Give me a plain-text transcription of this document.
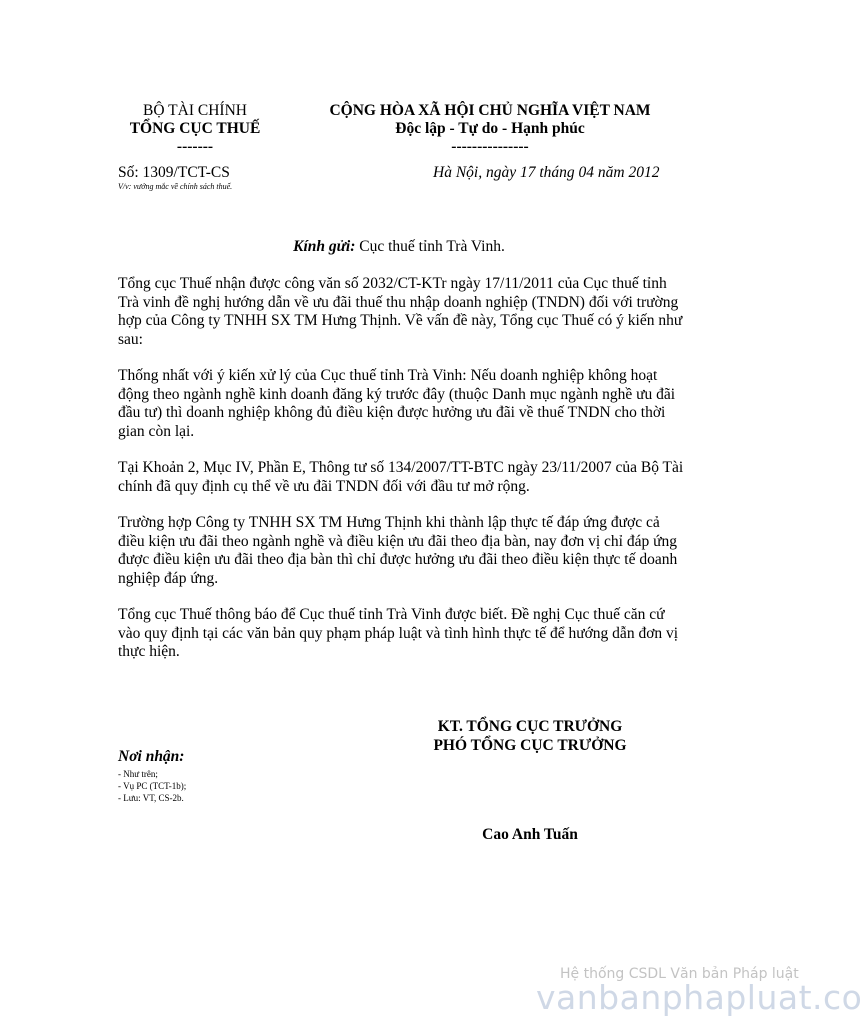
BỘ TÀI CHÍNH
TỔNG CỤC THUẾ
-------
CỘNG HÒA XÃ HỘI CHỦ NGHĨA VIỆT NAM
Độc lập - Tự do - Hạnh phúc
---------------
Số: 1309/TCT-CS
V/v: vướng mắc về chính sách thuế.
Hà Nội, ngày 17 tháng 04 năm 2012
Kính gửi: Cục thuế tỉnh Trà Vinh.

Tổng cục Thuế nhận được công văn số 2032/CT-KTr ngày 17/11/2011 của Cục thuế tỉnh Trà vinh đề nghị hướng dẫn về ưu đãi thuế thu nhập doanh nghiệp (TNDN) đối với trường hợp của Công ty TNHH SX TM Hưng Thịnh. Về vấn đề này, Tổng cục Thuế có ý kiến như sau:

Thống nhất với ý kiến xử lý của Cục thuế tỉnh Trà Vinh: Nếu doanh nghiệp không hoạt động theo ngành nghề kinh doanh đăng ký trước đây (thuộc Danh mục ngành nghề ưu đãi đầu tư) thì doanh nghiệp không đủ điều kiện được hưởng ưu đãi về thuế TNDN cho thời gian còn lại.

Tại Khoản 2, Mục IV, Phần E, Thông tư số 134/2007/TT-BTC ngày 23/11/2007 của Bộ Tài chính đã quy định cụ thể về ưu đãi TNDN đối với đầu tư mở rộng.

Trường hợp Công ty TNHH SX TM Hưng Thịnh khi thành lập thực tế đáp ứng được cả điều kiện ưu đãi theo ngành nghề và điều kiện ưu đãi theo địa bàn, nay đơn vị chỉ đáp ứng được điều kiện ưu đãi theo địa bàn thì chỉ được hưởng ưu đãi theo điều kiện thực tế doanh nghiệp đáp ứng.

Tổng cục Thuế thông báo để Cục thuế tỉnh Trà Vinh được biết. Đề nghị Cục thuế căn cứ vào quy định tại các văn bản quy phạm pháp luật và tình hình thực tế để hướng dẫn đơn vị thực hiện.

KT. TỔNG CỤC TRƯỞNG
PHÓ TỔNG CỤC TRƯỞNG
Cao Anh Tuấn
Nơi nhận:
- Như trên;
- Vụ PC (TCT-1b);
- Lưu: VT, CS-2b.
Hệ thống CSDL Văn bản Pháp luật
vanbanphapluat.co
